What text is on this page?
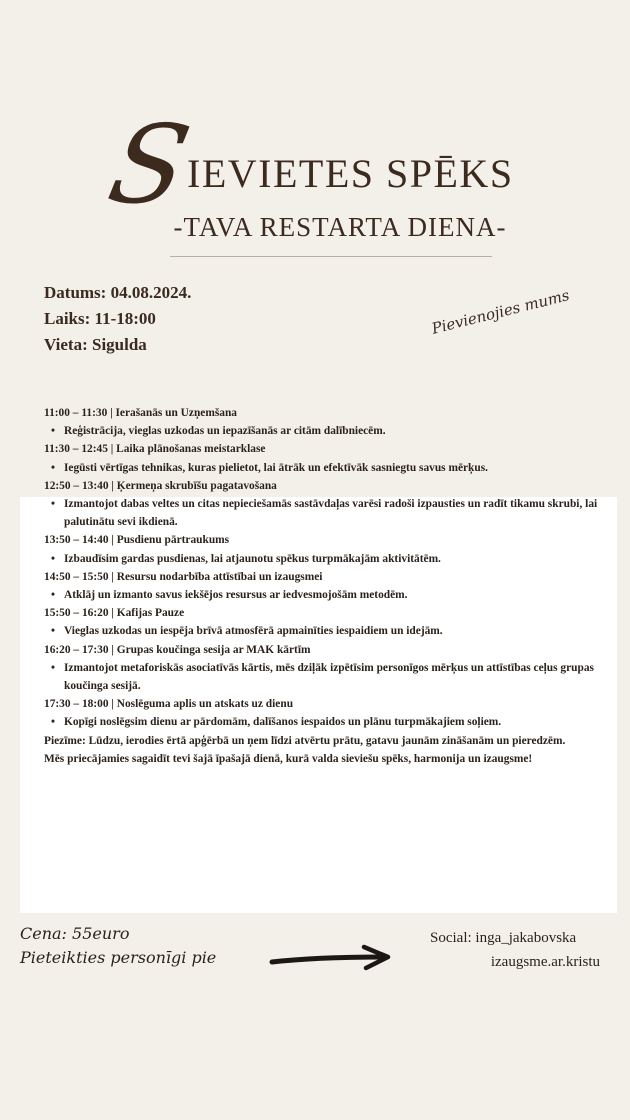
S
IEVIETES SPĒKS
-TAVA RESTARTA DIENA-
Datums: 04.08.2024.
Laiks: 11-18:00
Vieta: Sigulda
Pievienojies mums
11:00 – 11:30 | Ierašanās un Uzņemšana
• Reģistrācija, vieglas uzkodas un iepazīšanās ar citām dalībniecēm.
11:30 – 12:45 | Laika plānošanas meistarklase
• Iegūsti vērtīgas tehnikas, kuras pielietot, lai ātrāk un efektīvāk sasniegtu savus mērķus.
12:50 – 13:40 | Ķermeņa skrubīšu pagatavošana
• Izmantojot dabas veltes un citas nepieciešamās sastāvdaļas varēsi radoši izpausties un radīt tikamu skrubi, lai palutinātu sevi ikdienā.
13:50 – 14:40 | Pusdienu pārtraukums
• Izbaudīsim gardas pusdienas, lai atjaunotu spēkus turpmākajām aktivitātēm.
14:50 – 15:50 | Resursu nodarbība attīstībai un izaugsmei
• Atklāj un izmanto savus iekšējos resursus ar iedvesmojošām metodēm.
15:50 – 16:20 | Kafijas Pauze
• Vieglas uzkodas un iespēja brīvā atmosfērā apmainīties iespaidiem un idejām.
16:20 – 17:30 | Grupas koučinga sesija ar MAK kārtīm
• Izmantojot metaforiskās asociatīvās kārtis, mēs dziļāk izpētīsim personīgos mērķus un attīstības ceļus grupas koučinga sesijā.
17:30 – 18:00 | Noslēguma aplis un atskats uz dienu
• Kopīgi noslēgsim dienu ar pārdomām, dalīšanos iespaidos un plānu turpmākajiem soļiem.
Piezīme: Lūdzu, ierodies ērtā apģērbā un ņem līdzi atvērtu prātu, gatavu jaunām zināšanām un pieredzēm.
Mēs priecājamies sagaidīt tevi šajā īpašajā dienā, kurā valda sieviešu spēks, harmonija un izaugsme!
Cena: 55euro
Pieteikties personīgi pie
Social: inga_jakabovska
izaugsme.ar.kristu
